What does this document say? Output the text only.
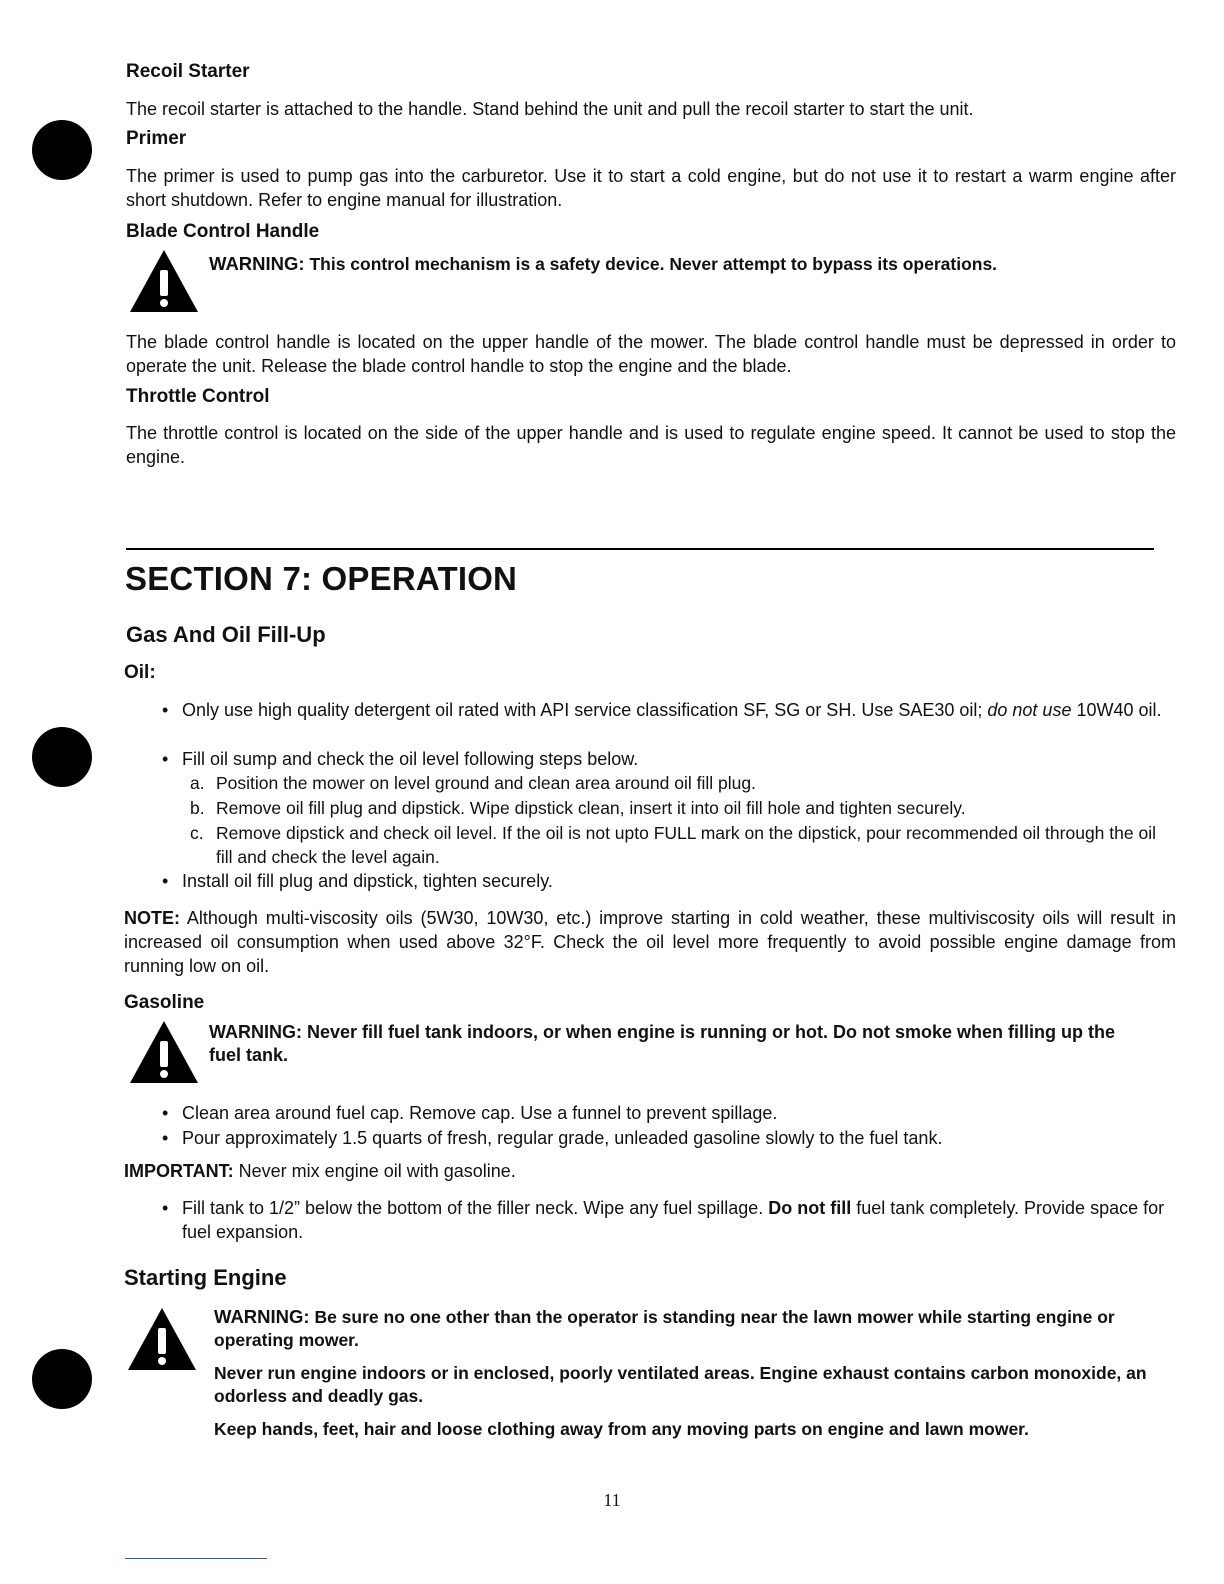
Recoil Starter
The recoil starter is attached to the handle. Stand behind the unit and pull the recoil starter to start the unit.
Primer
The primer is used to pump gas into the carburetor. Use it to start a cold engine, but do not use it to restart a warm engine after short shutdown. Refer to engine manual for illustration.
Blade Control Handle
WARNING: This control mechanism is a safety device. Never attempt to bypass its operations.
The blade control handle is located on the upper handle of the mower. The blade control handle must be depressed in order to operate the unit. Release the blade control handle to stop the engine and the blade.
Throttle Control
The throttle control is located on the side of the upper handle and is used to regulate engine speed. It cannot be used to stop the engine.
SECTION 7: OPERATION
Gas And Oil Fill-Up
Oil:
• Only use high quality detergent oil rated with API service classification SF, SG or SH. Use SAE30 oil; do not use 10W40 oil.
• Fill oil sump and check the oil level following steps below.
a. Position the mower on level ground and clean area around oil fill plug.
b. Remove oil fill plug and dipstick. Wipe dipstick clean, insert it into oil fill hole and tighten securely.
c. Remove dipstick and check oil level. If the oil is not upto FULL mark on the dipstick, pour recommended oil through the oil fill and check the level again.
• Install oil fill plug and dipstick, tighten securely.
NOTE: Although multi-viscosity oils (5W30, 10W30, etc.) improve starting in cold weather, these multiviscosity oils will result in increased oil consumption when used above 32°F. Check the oil level more frequently to avoid possible engine damage from running low on oil.
Gasoline
WARNING: Never fill fuel tank indoors, or when engine is running or hot. Do not smoke when filling up the fuel tank.
• Clean area around fuel cap. Remove cap. Use a funnel to prevent spillage.
• Pour approximately 1.5 quarts of fresh, regular grade, unleaded gasoline slowly to the fuel tank.
IMPORTANT: Never mix engine oil with gasoline.
• Fill tank to 1/2” below the bottom of the filler neck. Wipe any fuel spillage. Do not fill fuel tank completely. Provide space for fuel expansion.
Starting Engine
WARNING: Be sure no one other than the operator is standing near the lawn mower while starting engine or operating mower.
Never run engine indoors or in enclosed, poorly ventilated areas. Engine exhaust contains carbon monoxide, an odorless and deadly gas.
Keep hands, feet, hair and loose clothing away from any moving parts on engine and lawn mower.
11
